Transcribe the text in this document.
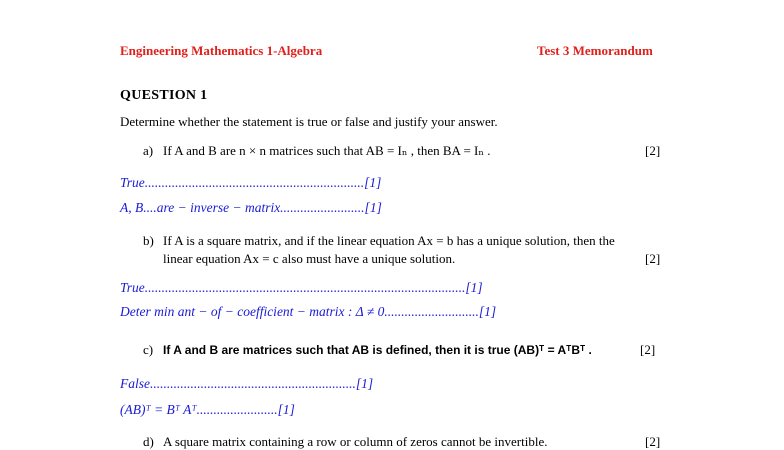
Engineering Mathematics 1-Algebra	Test 3 Memorandum
QUESTION 1
Determine whether the statement is true or false and justify your answer.
a) If A and B are n × n matrices such that AB = Iₙ , then BA = Iₙ .	[2]
True.................................................................[1]
A, B....are − inverse − matrix.........................[1]
b) If A is a square matrix, and if the linear equation Ax = b has a unique solution, then the
linear equation Ax = c also must have a unique solution.	[2]
True...............................................................................................[1]
Deter min ant − of − coefficient − matrix : Δ ≠ 0............................[1]
c) If A and B are matrices such that AB is defined, then it is true (AB)ᵀ = AᵀBᵀ .	[2]
False.............................................................[1]
(AB)ᵀ = Bᵀ Aᵀ........................[1]
d) A square matrix containing a row or column of zeros cannot be invertible.	[2]
